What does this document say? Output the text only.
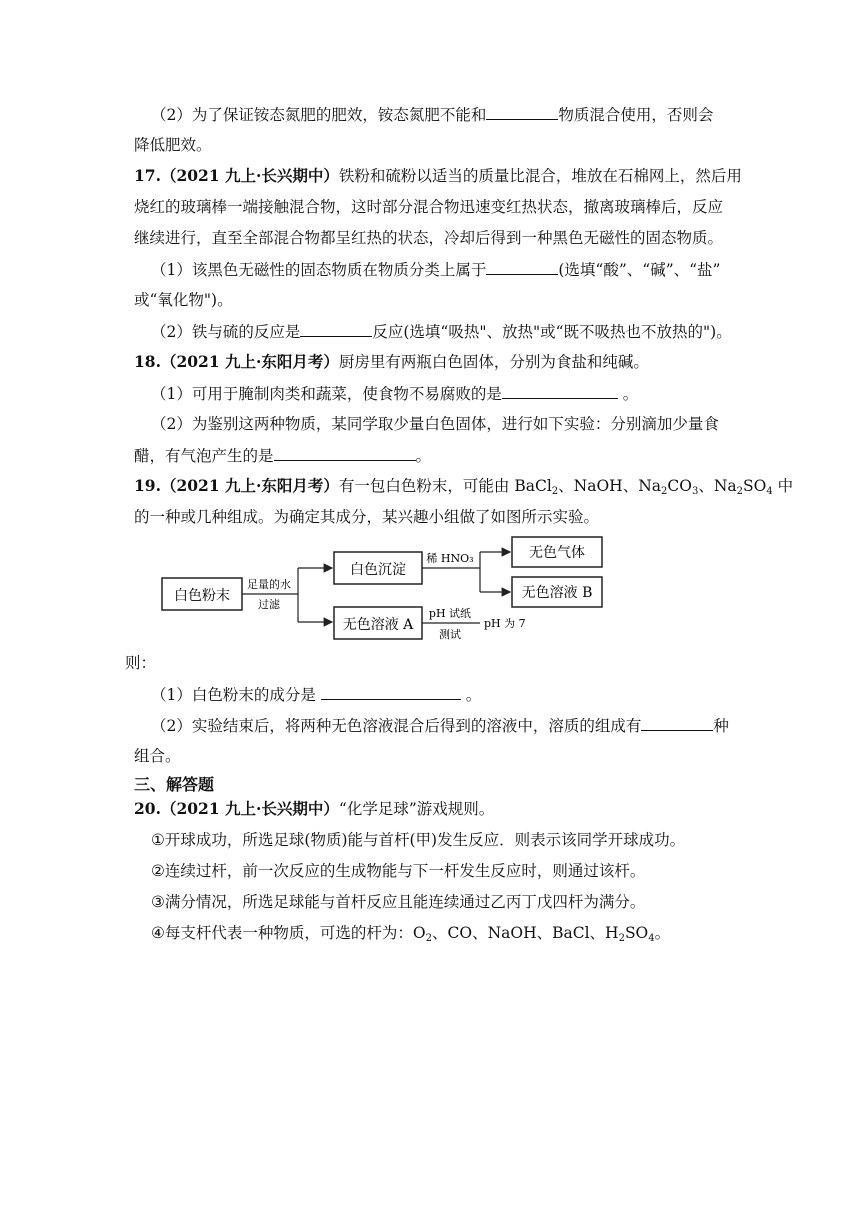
（2）为了保证铵态氮肥的肥效，铵态氮肥不能和	物质混合使用，否则会

降低肥效。

17.（2021 九上·长兴期中）铁粉和硫粉以适当的质量比混合，堆放在石棉网上，然后用

烧红的玻璃棒一端接触混合物，这时部分混合物迅速变红热状态，撤离玻璃棒后，反应

继续进行，直至全部混合物都呈红热的状态，冷却后得到一种黑色无磁性的固态物质。

（1）该黑色无磁性的固态物质在物质分类上属于	(选填“酸”、“碱”、“盐”

或“氧化物")。

（2）铁与硫的反应是	反应(选填“吸热"、放热"或“既不吸热也不放热的")。

18.（2021 九上·东阳月考）厨房里有两瓶白色固体，分别为食盐和纯碱。

（1）可用于腌制肉类和蔬菜，使食物不易腐败的是	。

（2）为鉴别这两种物质，某同学取少量白色固体，进行如下实验：分别滴加少量食

醋，有气泡产生的是	。

19.（2021 九上·东阳月考）有一包白色粉末，可能由 BaCl$_2$、NaOH、$Na_2CO_3$、$Na_2SO_4$ 中

的一种或几种组成。为确定其成分，某兴趣小组做了如图所示实验。

白色粉末
足量的水
过滤
白色沉淀
稀 HNO₃	无色气体
无色溶液 B
无色溶液 A
pH 试纸
测试
pH 为 7

则：

（1）白色粉末的成分是	。

（2）实验结束后，将两种无色溶液混合后得到的溶液中，溶质的组成有	种

组合。

三、解答题

20.（2021 九上·长兴期中）“化学足球”游戏规则。

①开球成功，所选足球(物质)能与首杆(甲)发生反应．则表示该同学开球成功。

②连续过杆，前一次反应的生成物能与下一杆发生反应时，则通过该杆。

③满分情况，所选足球能与首杆反应且能连续通过乙丙丁戊四杆为满分。

④每支杆代表一种物质，可选的杆为：$O_2$、CO、NaOH、BaCl、$H_2SO_4$。
